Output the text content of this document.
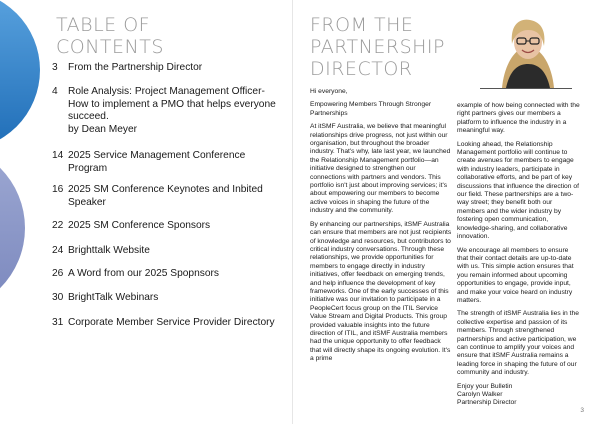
TABLE OF
CONTENTS
3	From the Partnership Director
4	Role Analysis: Project Management Officer- How to implement a PMO that helps everyone succeed.
by Dean Meyer
14 2025 Service Management Conference Program
16 2025 SM Conference Keynotes and Inbited Speaker
22 2025 SM Conference Sponsors
24 Brighttalk Website
26 A Word from our 2025 Spopnsors
30 BrightTalk Webinars
31 Corporate Member Service Provider Directory
FROM THE
PARTNERSHIP
DIRECTOR

Hi everyone,

Empowering Members Through Stronger Partnerships

At itSMF Australia, we believe that meaningful relationships drive progress, not just within our organisation, but throughout the broader industry. That's why, late last year, we launched the Relationship Management portfolio—an initiative designed to strengthen our connections with partners and vendors. This portfolio isn't just about improving services; it's about empowering our members to become active voices in shaping the future of the industry and the community.

By enhancing our partnerships, itSMF Australia can ensure that members are not just recipients of knowledge and resources, but contributors to critical industry conversations. Through these relationships, we provide opportunities for members to engage directly in industry initiatives, offer feedback on emerging trends, and help influence the development of key frameworks. One of the early successes of this initiative was our invitation to participate in a PeopleCert focus group on the ITIL Service Value Stream and Digital Products. This group provided valuable insights into the future direction of ITIL, and itSMF Australia members had the unique opportunity to offer feedback that will directly shape its ongoing evolution. It's a prime

example of how being connected with the right partners gives our members a platform to influence the industry in a meaningful way.

Looking ahead, the Relationship Management portfolio will continue to create avenues for members to engage with industry leaders, participate in collaborative efforts, and be part of key discussions that influence the direction of our field. These partnerships are a two-way street; they benefit both our members and the wider industry by fostering open communication, knowledge-sharing, and collaborative innovation.

We encourage all members to ensure that their contact details are up-to-date with us. This simple action ensures that you remain informed about upcoming opportunities to engage, provide input, and make your voice heard on industry matters.

The strength of itSMF Australia lies in the collective expertise and passion of its members. Through strengthened partnerships and active participation, we can continue to amplify your voices and ensure that itSMF Australia remains a leading force in shaping the future of our community and industry.

Enjoy your Bulletin

Carolyn Walker

Partnership Director

3
